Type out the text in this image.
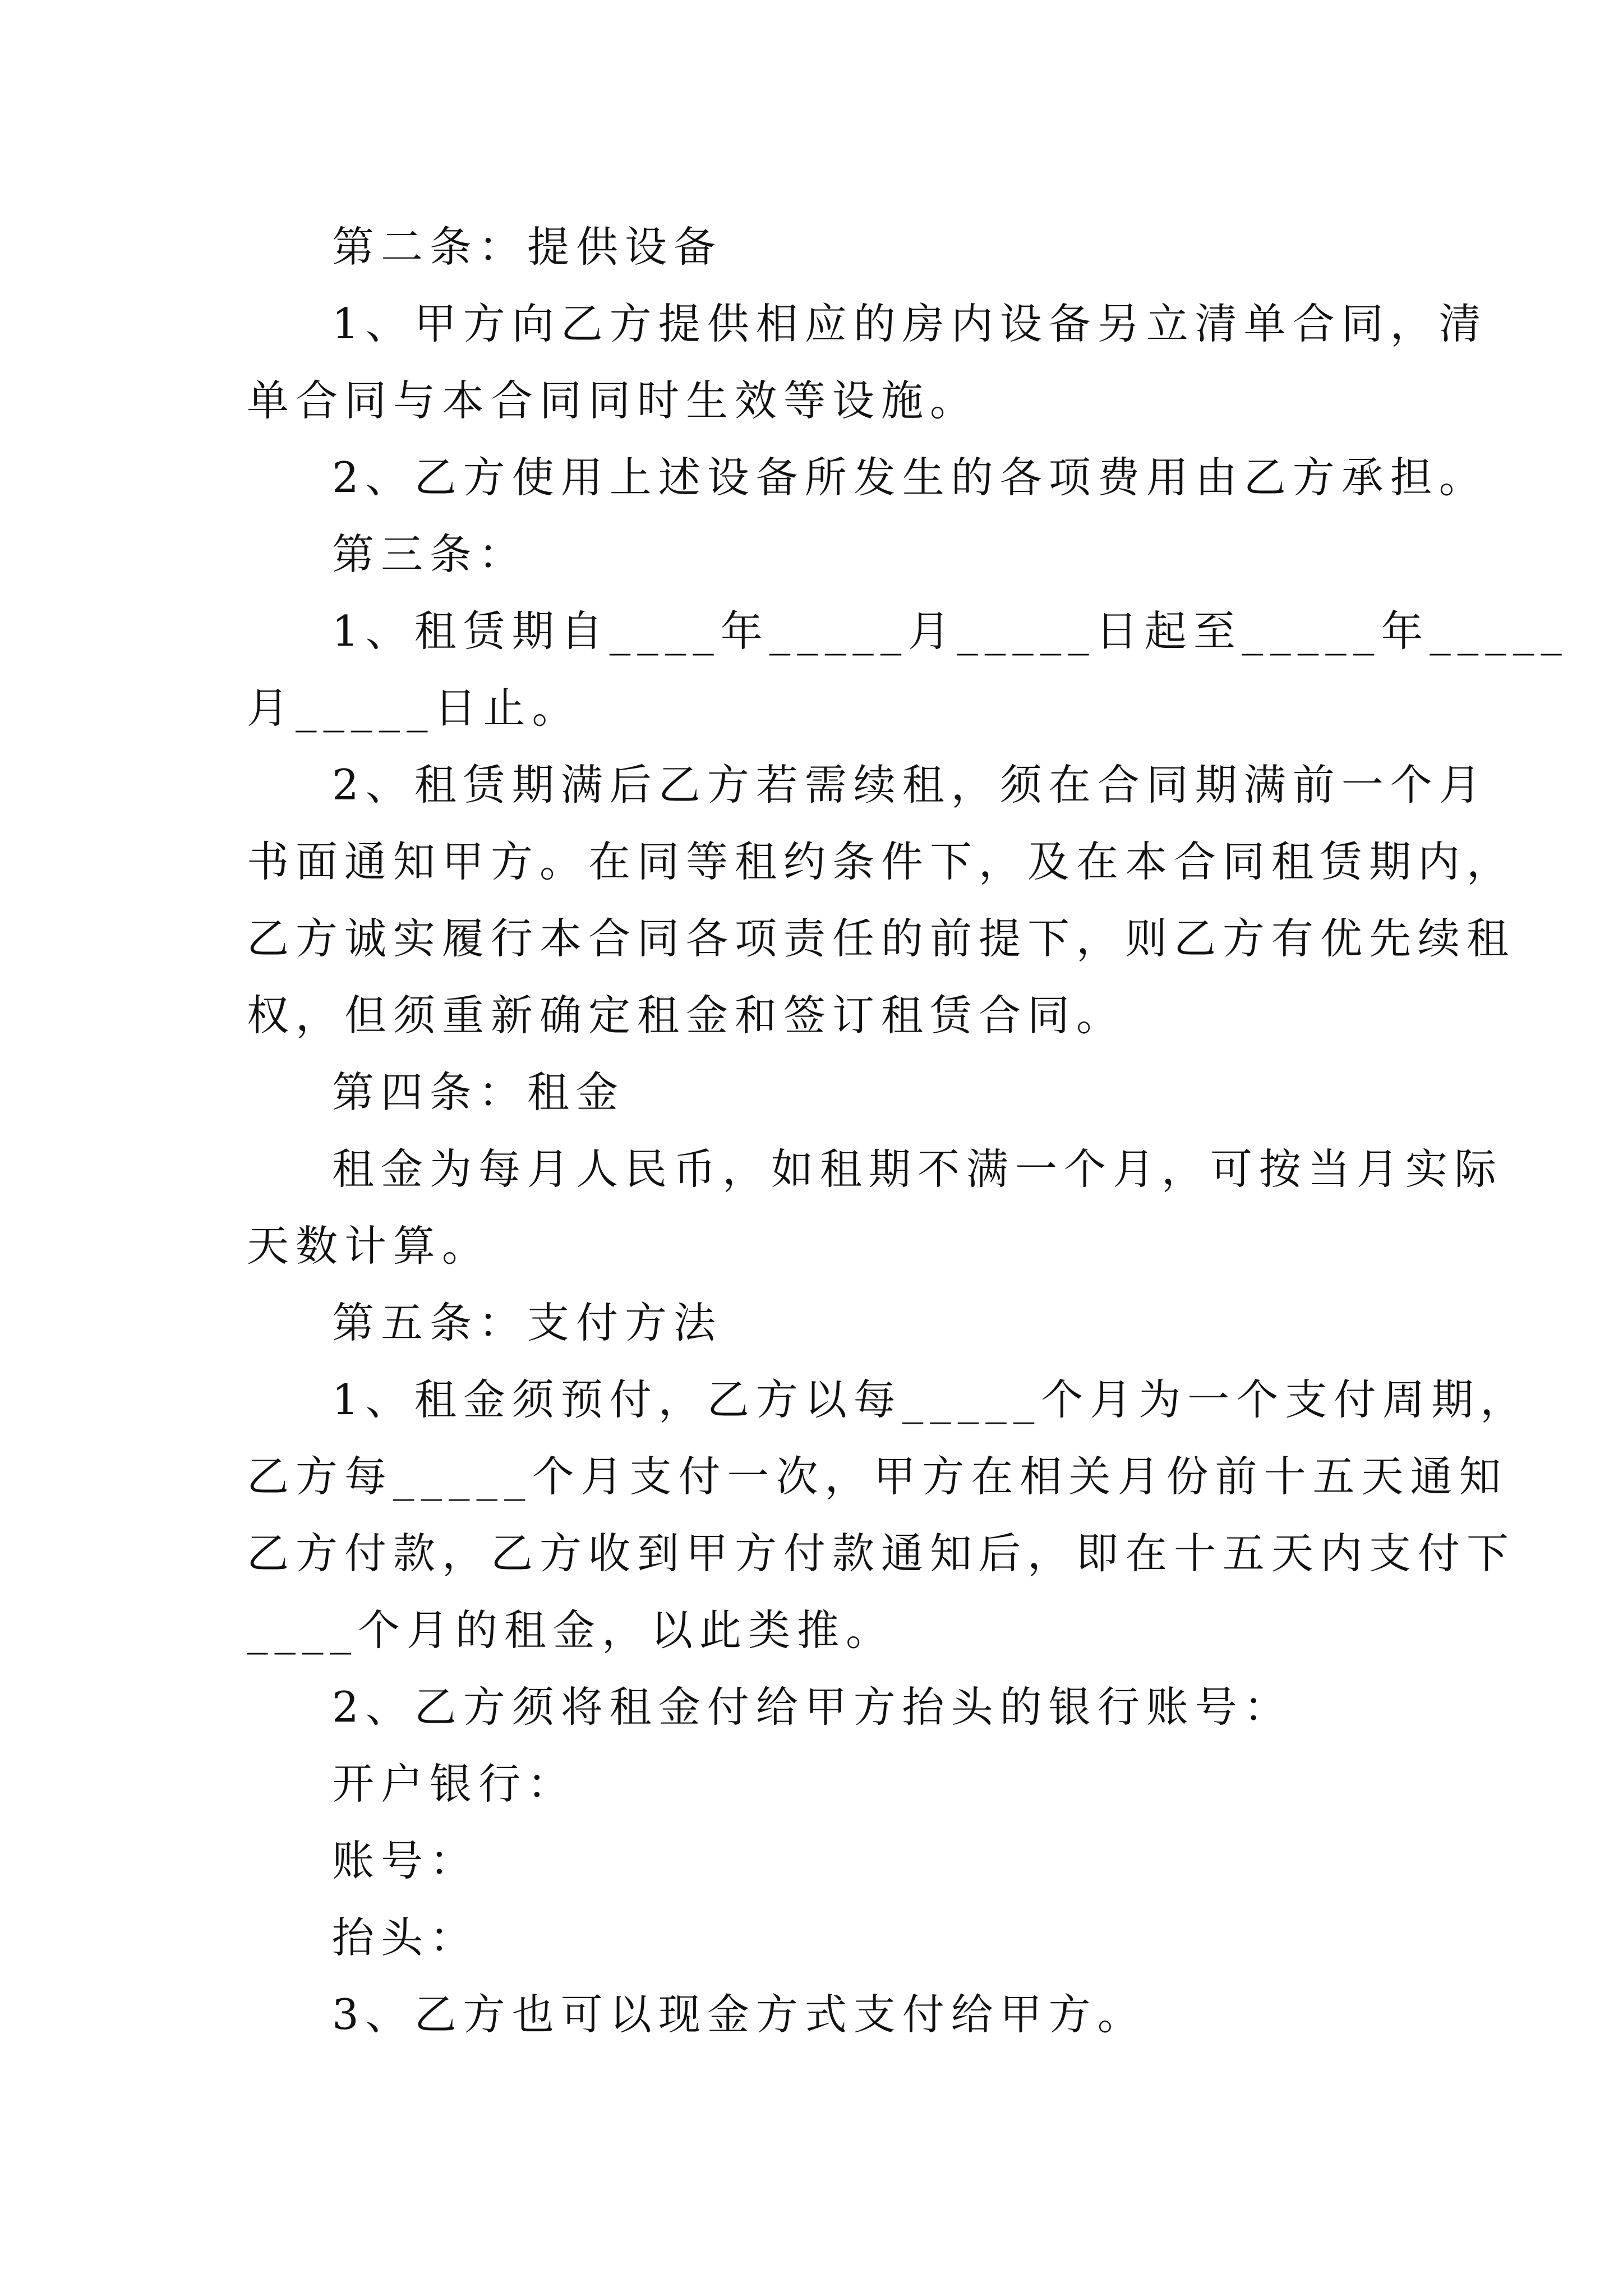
第二条：提供设备

1、甲方向乙方提供相应的房内设备另立清单合同，清

单合同与本合同同时生效等设施。

2、乙方使用上述设备所发生的各项费用由乙方承担。

第三条：

1、租赁期自____年_____月_____日起至_____年_____

月_____日止。

2、租赁期满后乙方若需续租，须在合同期满前一个月

书面通知甲方。在同等租约条件下，及在本合同租赁期内，

乙方诚实履行本合同各项责任的前提下，则乙方有优先续租

权，但须重新确定租金和签订租赁合同。

第四条：租金

租金为每月人民币，如租期不满一个月，可按当月实际

天数计算。

第五条：支付方法

1、租金须预付，乙方以每_____个月为一个支付周期，

乙方每_____个月支付一次，甲方在相关月份前十五天通知

乙方付款，乙方收到甲方付款通知后，即在十五天内支付下

____个月的租金，以此类推。

2、乙方须将租金付给甲方抬头的银行账号：

开户银行：

账号：

抬头：

3、乙方也可以现金方式支付给甲方。
